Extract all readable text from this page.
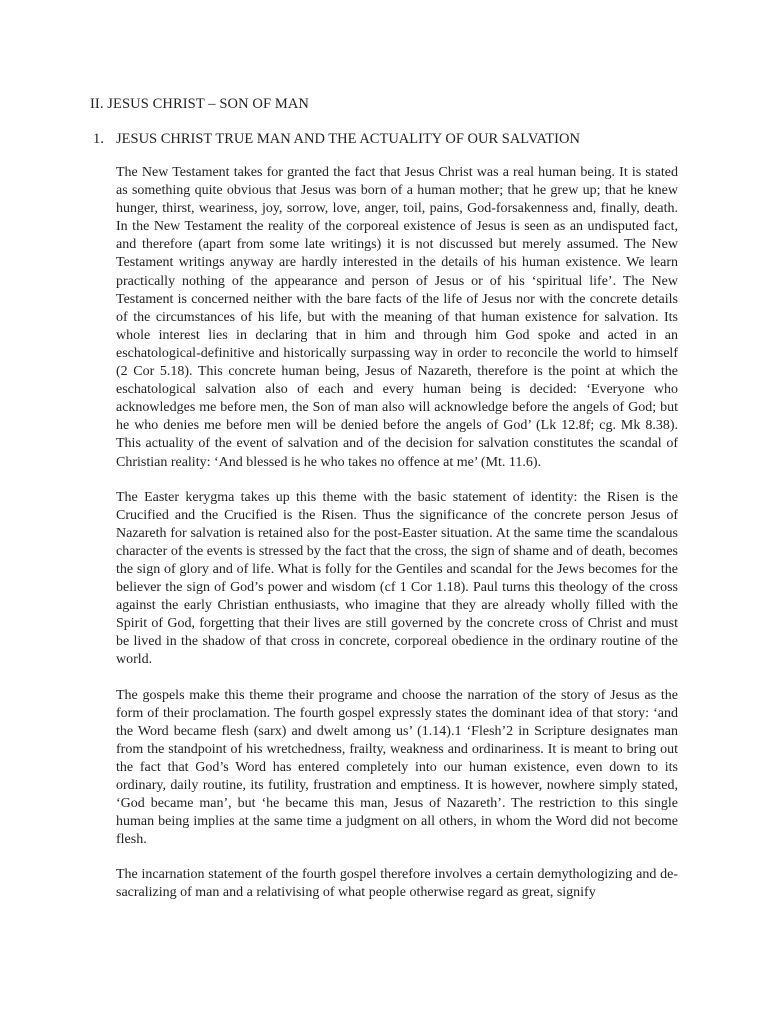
II. JESUS CHRIST – SON OF MAN
1. JESUS CHRIST TRUE MAN AND THE ACTUALITY OF OUR SALVATION

The New Testament takes for granted the fact that Jesus Christ was a real human being. It is stated as something quite obvious that Jesus was born of a human mother; that he grew up; that he knew hunger, thirst, weariness, joy, sorrow, love, anger, toil, pains, God-forsakenness and, finally, death. In the New Testament the reality of the corporeal existence of Jesus is seen as an undisputed fact, and therefore (apart from some late writings) it is not discussed but merely assumed. The New Testament writings anyway are hardly interested in the details of his human existence. We learn practically nothing of the appearance and person of Jesus or of his ‘spiritual life’. The New Testament is concerned neither with the bare facts of the life of Jesus nor with the concrete details of the circumstances of his life, but with the meaning of that human existence for salvation. Its whole interest lies in declaring that in him and through him God spoke and acted in an eschatological-definitive and historically surpassing way in order to reconcile the world to himself (2 Cor 5.18). This concrete human being, Jesus of Nazareth, therefore is the point at which the eschatological salvation also of each and every human being is decided: ‘Everyone who acknowledges me before men, the Son of man also will acknowledge before the angels of God; but he who denies me before men will be denied before the angels of God’ (Lk 12.8f; cg. Mk 8.38). This actuality of the event of salvation and of the decision for salvation constitutes the scandal of Christian reality: ‘And blessed is he who takes no offence at me’ (Mt. 11.6).

The Easter kerygma takes up this theme with the basic statement of identity: the Risen is the Crucified and the Crucified is the Risen. Thus the significance of the concrete person Jesus of Nazareth for salvation is retained also for the post-Easter situation. At the same time the scandalous character of the events is stressed by the fact that the cross, the sign of shame and of death, becomes the sign of glory and of life. What is folly for the Gentiles and scandal for the Jews becomes for the believer the sign of God’s power and wisdom (cf 1 Cor 1.18). Paul turns this theology of the cross against the early Christian enthusiasts, who imagine that they are already wholly filled with the Spirit of God, forgetting that their lives are still governed by the concrete cross of Christ and must be lived in the shadow of that cross in concrete, corporeal obedience in the ordinary routine of the world.

The gospels make this theme their programe and choose the narration of the story of Jesus as the form of their proclamation. The fourth gospel expressly states the dominant idea of that story: ‘and the Word became flesh (sarx) and dwelt among us’ (1.14).1 ‘Flesh’2 in Scripture designates man from the standpoint of his wretchedness, frailty, weakness and ordinariness. It is meant to bring out the fact that God’s Word has entered completely into our human existence, even down to its ordinary, daily routine, its futility, frustration and emptiness. It is however, nowhere simply stated, ‘God became man’, but ‘he became this man, Jesus of Nazareth’. The restriction to this single human being implies at the same time a judgment on all others, in whom the Word did not become flesh.

The incarnation statement of the fourth gospel therefore involves a certain demythologizing and de-sacralizing of man and a relativising of what people otherwise regard as great, signify
